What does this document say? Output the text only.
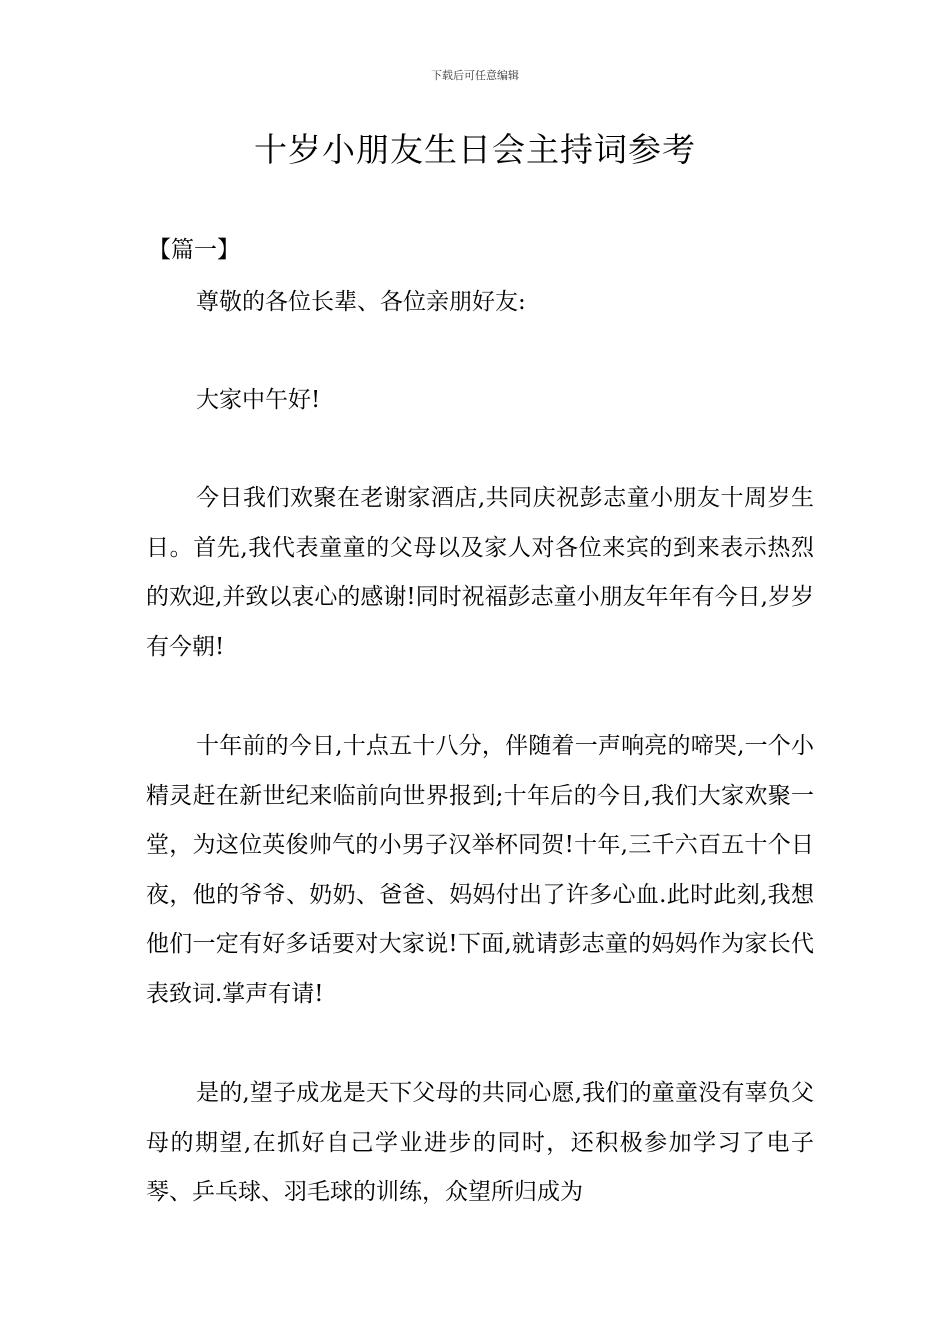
下载后可任意编辑
十岁小朋友生日会主持词参考
【篇一】

尊敬的各位长辈、各位亲朋好友:

大家中午好!

今日我们欢聚在老谢家酒店,共同庆祝彭志童小朋友十周岁生日。首先,我代表童童的父母以及家人对各位来宾的到来表示热烈的欢迎,并致以衷心的感谢!同时祝福彭志童小朋友年年有今日,岁岁有今朝!

十年前的今日,十点五十八分，伴随着一声响亮的啼哭,一个小精灵赶在新世纪来临前向世界报到;十年后的今日,我们大家欢聚一堂，为这位英俊帅气的小男子汉举杯同贺!十年,三千六百五十个日夜，他的爷爷、奶奶、爸爸、妈妈付出了许多心血.此时此刻,我想他们一定有好多话要对大家说!下面,就请彭志童的妈妈作为家长代表致词.掌声有请!

是的,望子成龙是天下父母的共同心愿,我们的童童没有辜负父母的期望,在抓好自己学业进步的同时，还积极参加学习了电子琴、乒乓球、羽毛球的训练，众望所归成为
